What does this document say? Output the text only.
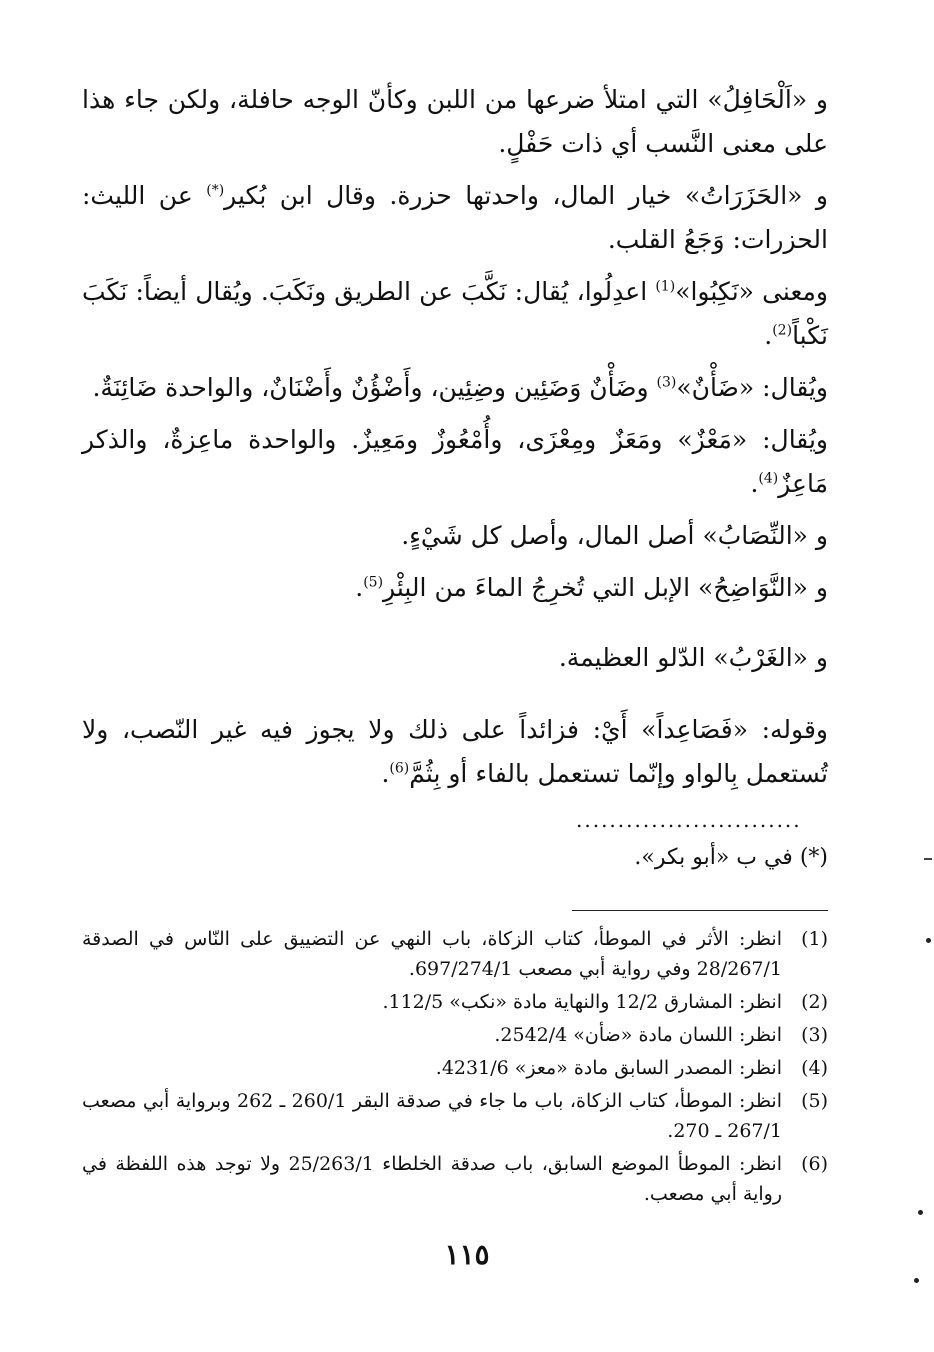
و «اَلْحَافِلُ» التي امتلأ ضرعها من اللبن وكأنّ الوجه حافلة، ولكن جاء هذا على معنى النَّسب أي ذات حَفْلٍ.

و «الحَزَرَاتُ» خيار المال، واحدتها حزرة. وقال ابن بُكير(*) عن الليث: الحزرات: وَجَعُ القلب.

ومعنى «نَكِبُوا»$^{(1)}$ اعدِلُوا، يُقال: نَكَّبَ عن الطريق ونَكَبَ. ويُقال أيضاً: نَكَبَ نَكْباً$^{(2)}$.

ويُقال: «ضَأْنٌ»$^{(3)}$ وضَأْنٌ وَضَئِين وضِئِين، وأَضْؤُنٌ وأَضْنَانٌ، والواحدة ضَائِنَةٌ.

ويُقال: «مَعْزٌ» ومَعَزٌ ومِعْزَى، وأُمْعُوزٌ ومَعِيزٌ. والواحدة ماعِزةٌ، والذكر مَاعِزٌ$^{(4)}$.

و «النِّصَابُ» أصل المال، وأصل كل شَيْءٍ.

و «النَّوَاضِحُ» الإبل التي تُخرِجُ الماءَ من البِئْرِ$^{(5)}$.

و «الغَرْبُ» الدّلو العظيمة.

وقوله: «فَصَاعِداً» أَيْ: فزائداً على ذلك ولا يجوز فيه غير النّصب، ولا تُستعمل بِالواو وإنّما تستعمل بالفاء أو بِثُمَّ$^{(6)}$.

...........................
(*) في ب «أبو بكر».
(1)
انظر: الأثر في الموطأ، كتاب الزكاة، باب النهي عن التضييق على النّاس في الصدقة 28/267/1 وفي رواية أبي مصعب 697/274/1.
(2)
انظر: المشارق 12/2 والنهاية مادة «نكب» 112/5.
(3)
انظر: اللسان مادة «ضأن» 2542/4.
(4)
انظر: المصدر السابق مادة «معز» 4231/6.
(5)
انظر: الموطأ، كتاب الزكاة، باب ما جاء في صدقة البقر 260/1 ـ 262 وبرواية أبي مصعب 267/1 ـ 270.
(6)
انظر: الموطأ الموضع السابق، باب صدقة الخلطاء 25/263/1 ولا توجد هذه اللفظة في رواية أبي مصعب.
١١٥
